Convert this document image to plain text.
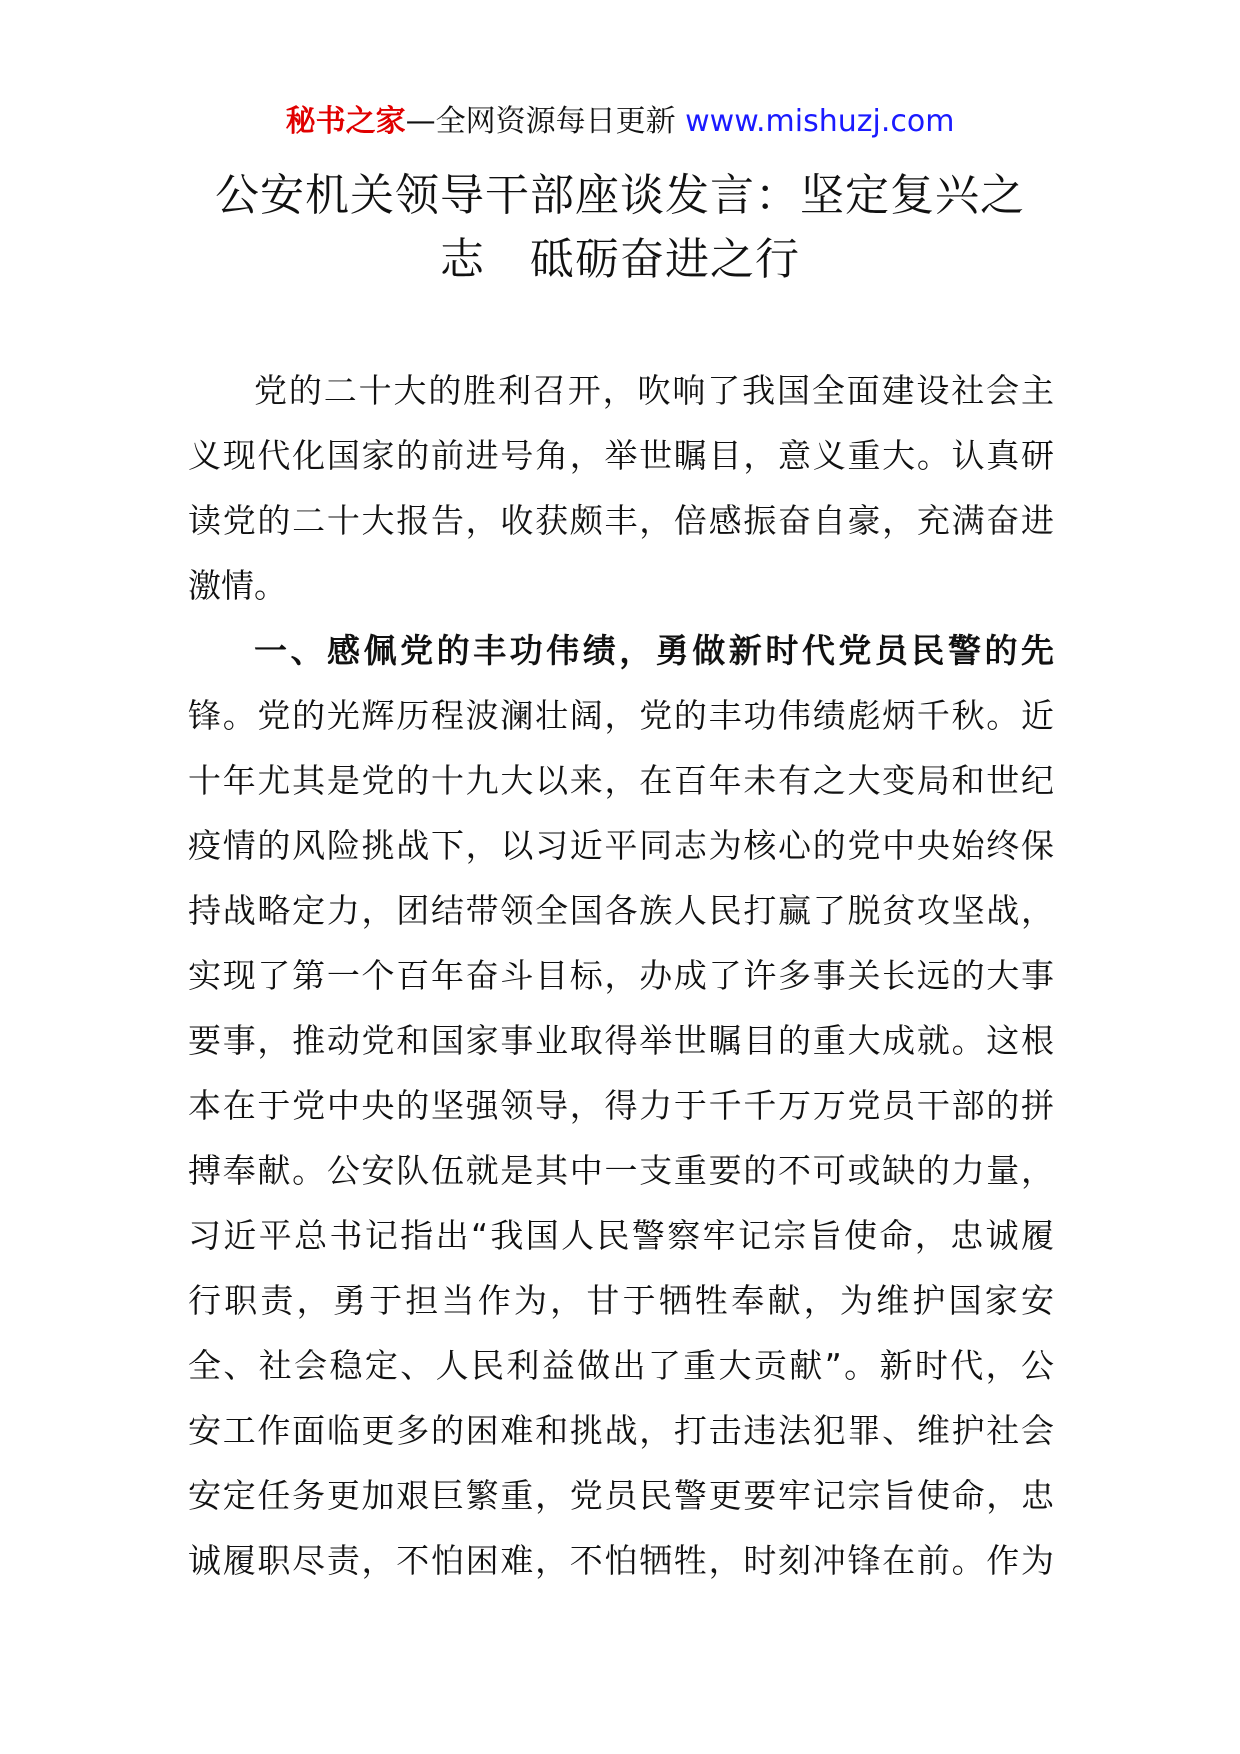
秘书之家—全网资源每日更新 www.mishuzj.com
公安机关领导干部座谈发言：坚定复兴之
志　砥砺奋进之行

党的二十大的胜利召开，吹响了我国全面建设社会主
义现代化国家的前进号角，举世瞩目，意义重大。认真研
读党的二十大报告，收获颇丰，倍感振奋自豪，充满奋进
激情。

一、感佩党的丰功伟绩，勇做新时代党员民警的先
锋。党的光辉历程波澜壮阔，党的丰功伟绩彪炳千秋。近
十年尤其是党的十九大以来，在百年未有之大变局和世纪
疫情的风险挑战下，以习近平同志为核心的党中央始终保
持战略定力，团结带领全国各族人民打赢了脱贫攻坚战，
实现了第一个百年奋斗目标，办成了许多事关长远的大事
要事，推动党和国家事业取得举世瞩目的重大成就。这根
本在于党中央的坚强领导，得力于千千万万党员干部的拼
搏奉献。公安队伍就是其中一支重要的不可或缺的力量，
习近平总书记指出“我国人民警察牢记宗旨使命，忠诚履
行职责，勇于担当作为，甘于牺牲奉献，为维护国家安
全、社会稳定、人民利益做出了重大贡献”。新时代，公
安工作面临更多的困难和挑战，打击违法犯罪、维护社会
安定任务更加艰巨繁重，党员民警更要牢记宗旨使命，忠
诚履职尽责，不怕困难，不怕牺牲，时刻冲锋在前。作为
